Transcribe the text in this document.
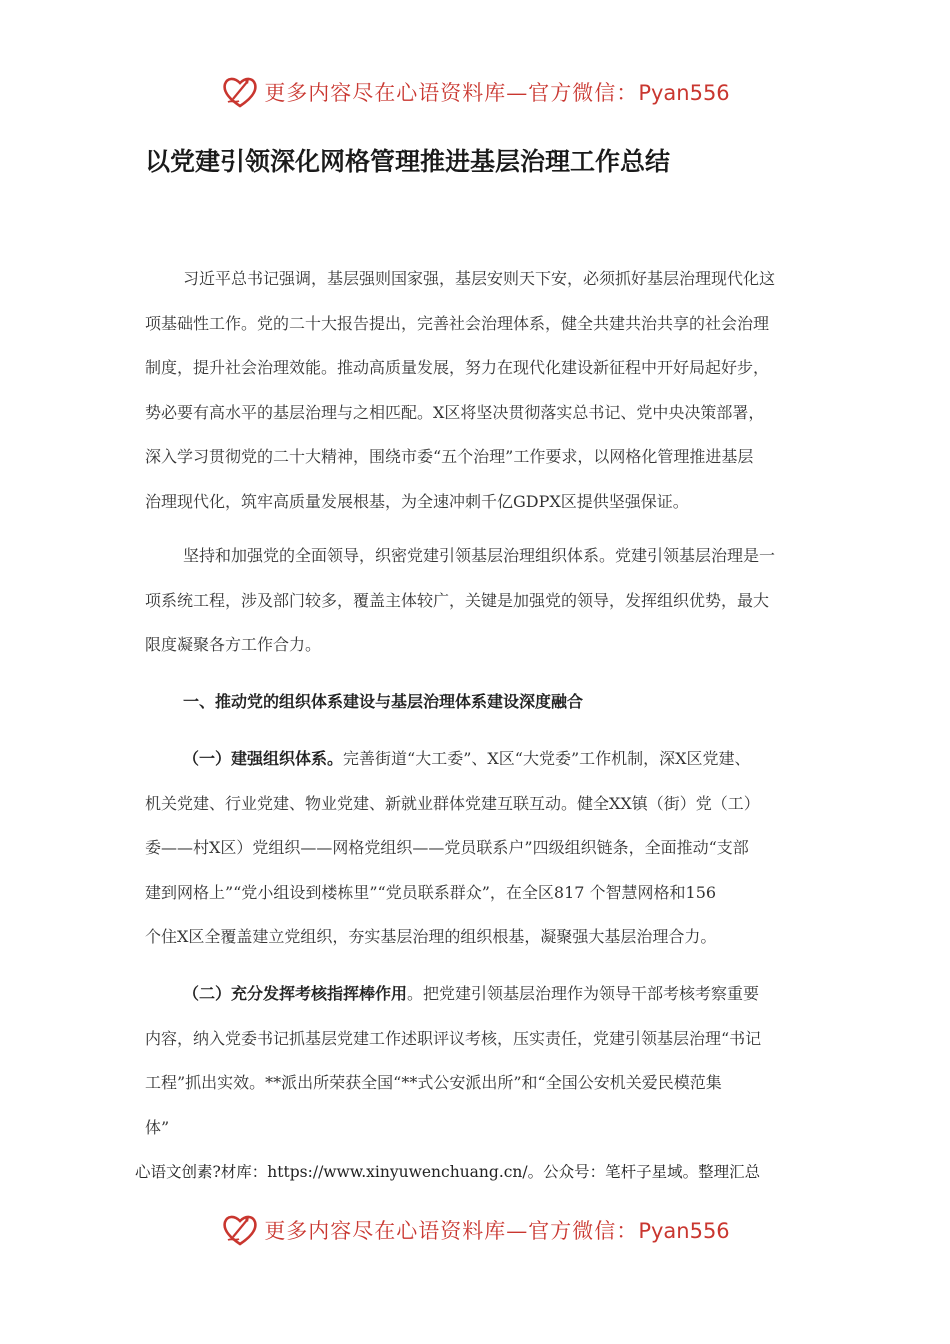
更多内容尽在心语资料库—官方微信：Pyan556
以党建引领深化网格管理推进基层治理工作总结
习近平总书记强调，基层强则国家强，基层安则天下安，必须抓好基层治理现代化这
项基础性工作。党的二十大报告提出，完善社会治理体系，健全共建共治共享的社会治理
制度，提升社会治理效能。推动高质量发展，努力在现代化建设新征程中开好局起好步，
势必要有高水平的基层治理与之相匹配。X区将坚决贯彻落实总书记、党中央决策部署，
深入学习贯彻党的二十大精神，围绕市委“五个治理”工作要求，以网格化管理推进基层
治理现代化，筑牢高质量发展根基，为全速冲刺千亿GDPX区提供坚强保证。
坚持和加强党的全面领导，织密党建引领基层治理组织体系。党建引领基层治理是一
项系统工程，涉及部门较多，覆盖主体较广，关键是加强党的领导，发挥组织优势，最大
限度凝聚各方工作合力。
一、推动党的组织体系建设与基层治理体系建设深度融合
（一）建强组织体系。完善街道“大工委”、X区“大党委”工作机制，深X区党建、
机关党建、行业党建、物业党建、新就业群体党建互联互动。健全XX镇（街）党（工）
委——村X区）党组织——网格党组织——党员联系户”四级组织链条，全面推动“支部
建到网格上”“党小组设到楼栋里”“党员联系群众”，在全区817 个智慧网格和156
个住X区全覆盖建立党组织，夯实基层治理的组织根基，凝聚强大基层治理合力。
（二）充分发挥考核指挥棒作用。把党建引领基层治理作为领导干部考核考察重要
内容，纳入党委书记抓基层党建工作述职评议考核，压实责任，党建引领基层治理“书记
工程”抓出实效。**派出所荣获全国“**式公安派出所”和“全国公安机关爱民模范集
体”

心语文创素?材库：https://www.xinyuwenchuang.cn/。公众号：笔杆子星域。整理汇总

更多内容尽在心语资料库—官方微信：Pyan556
